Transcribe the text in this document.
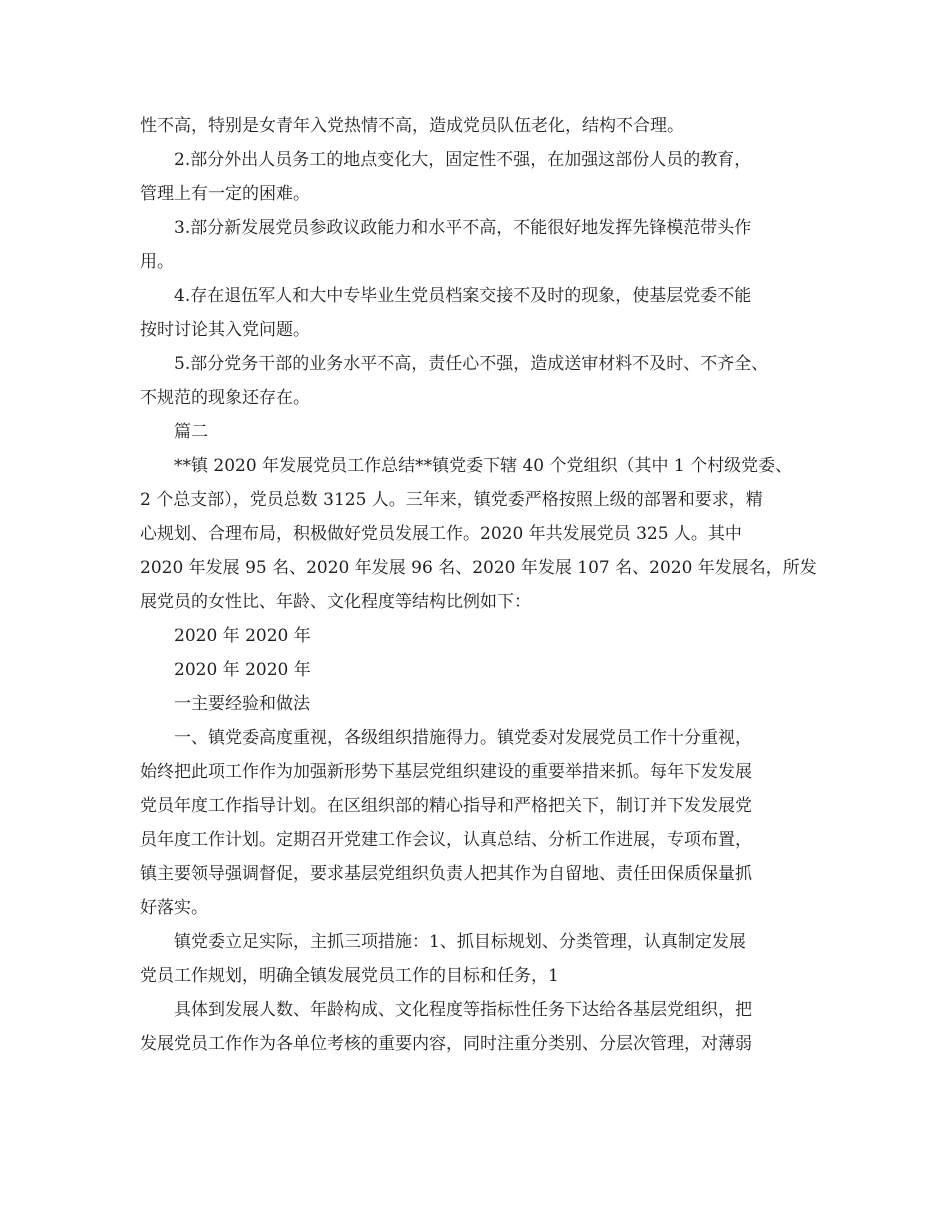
性不高，特别是女青年入党热情不高，造成党员队伍老化，结构不合理。
2.部分外出人员务工的地点变化大，固定性不强，在加强这部份人员的教育，
管理上有一定的困难。
3.部分新发展党员参政议政能力和水平不高，不能很好地发挥先锋模范带头作
用。
4.存在退伍军人和大中专毕业生党员档案交接不及时的现象，使基层党委不能
按时讨论其入党问题。
5.部分党务干部的业务水平不高，责任心不强，造成送审材料不及时、不齐全、
不规范的现象还存在。
篇二
**镇 2020 年发展党员工作总结**镇党委下辖 40 个党组织（其中 1 个村级党委、
2 个总支部），党员总数 3125 人。三年来，镇党委严格按照上级的部署和要求，精
心规划、合理布局，积极做好党员发展工作。2020 年共发展党员 325 人。其中
2020 年发展 95 名、2020 年发展 96 名、2020 年发展 107 名、2020 年发展名，所发
展党员的女性比、年龄、文化程度等结构比例如下：
2020 年 2020 年
2020 年 2020 年
一主要经验和做法
一、镇党委高度重视，各级组织措施得力。镇党委对发展党员工作十分重视，
始终把此项工作作为加强新形势下基层党组织建设的重要举措来抓。每年下发发展
党员年度工作指导计划。在区组织部的精心指导和严格把关下，制订并下发发展党
员年度工作计划。定期召开党建工作会议，认真总结、分析工作进展，专项布置，
镇主要领导强调督促，要求基层党组织负责人把其作为自留地、责任田保质保量抓
好落实。
镇党委立足实际，主抓三项措施：1、抓目标规划、分类管理，认真制定发展
党员工作规划，明确全镇发展党员工作的目标和任务，1
具体到发展人数、年龄构成、文化程度等指标性任务下达给各基层党组织，把
发展党员工作作为各单位考核的重要内容，同时注重分类别、分层次管理，对薄弱
